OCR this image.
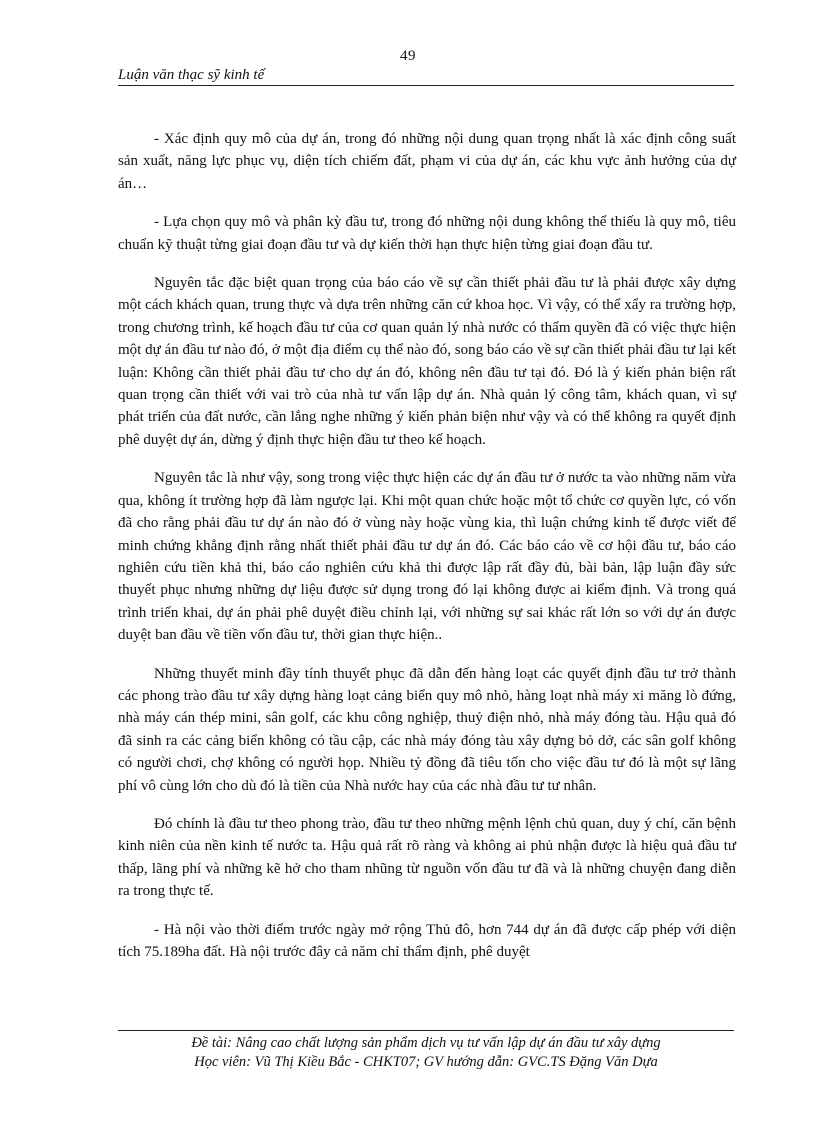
49
Luận văn thạc sỹ kinh tế

- Xác định quy mô của dự án, trong đó những nội dung quan trọng nhất là xác định công suất sản xuất, năng lực phục vụ, diện tích chiếm đất, phạm vi của dự án, các khu vực ảnh hưởng của dự án…

- Lựa chọn quy mô và phân kỳ đầu tư, trong đó những nội dung không thể thiếu là quy mô, tiêu chuẩn kỹ thuật từng giai đoạn đầu tư và dự kiến thời hạn thực hiện từng giai đoạn đầu tư.

Nguyên tắc đặc biệt quan trọng của báo cáo về sự cần thiết phải đầu tư là phải được xây dựng một cách khách quan, trung thực và dựa trên những căn cứ khoa học. Vì vậy, có thể xẩy ra trường hợp, trong chương trình, kế hoạch đầu tư của cơ quan quản lý nhà nước có thẩm quyền đã có việc thực hiện một dự án đầu tư nào đó, ở một địa điểm cụ thể nào đó, song báo cáo về sự cần thiết phải đầu tư lại kết luận: Không cần thiết phải đầu tư cho dự án đó, không nên đầu tư tại đó. Đó là ý kiến phản biện rất quan trọng cần thiết với vai trò của nhà tư vấn lập dự án. Nhà quản lý công tâm, khách quan, vì sự phát triển của đất nước, cần lắng nghe những ý kiến phản biện như vậy và có thể không ra quyết định phê duyệt dự án, dừng ý định thực hiện đầu tư theo kế hoạch.

Nguyên tắc là như vậy, song trong việc thực hiện các dự án đầu tư ở nước ta vào những năm vừa qua, không ít trường hợp đã làm ngược lại. Khi một quan chức hoặc một tổ chức cơ quyền lực, có vốn đã cho rằng phải đầu tư dự án nào đó ở vùng này hoặc vùng kia, thì luận chứng kinh tế được viết để minh chứng khẳng định rằng nhất thiết phải đầu tư dự án đó. Các báo cáo về cơ hội đầu tư, báo cáo nghiên cứu tiền khả thi, báo cáo nghiên cứu khả thi được lập rất đầy đủ, bài bản, lập luận đầy sức thuyết phục nhưng những dự liệu được sử dụng trong đó lại không được ai kiểm định. Và trong quá trình triển khai, dự án phải phê duyệt điều chỉnh lại, với những sự sai khác rất lớn so với dự án được duyệt ban đầu về tiền vốn đầu tư, thời gian thực hiện..

Những thuyết minh đầy tính thuyết phục đã dẫn đến hàng loạt các quyết định đầu tư trở thành các phong trào đầu tư xây dựng hàng loạt cảng biển quy mô nhỏ, hàng loạt nhà máy xi măng lò đứng, nhà máy cán thép mini, sân golf, các khu công nghiệp, thuỷ điện nhỏ, nhà máy đóng tàu. Hậu quả đó đã sinh ra các cảng biển không có tầu cập, các nhà máy đóng tàu xây dựng bỏ dở, các sân golf không có người chơi, chợ không có người họp. Nhiều tỷ đồng đã tiêu tốn cho việc đầu tư đó là một sự lãng phí vô cùng lớn cho dù đó là tiền của Nhà nước hay của các nhà đầu tư tư nhân.

Đó chính là đầu tư theo phong trào, đầu tư theo những mệnh lệnh chủ quan, duy ý chí, căn bệnh kinh niên của nền kinh tế nước ta. Hậu quả rất rõ ràng và không ai phủ nhận được là hiệu quả đầu tư thấp, lãng phí và những kẽ hở cho tham nhũng từ nguồn vốn đầu tư đã và là những chuyện đang diễn ra trong thực tế.

- Hà nội vào thời điểm trước ngày mở rộng Thủ đô, hơn 744 dự án đã được cấp phép với diện tích 75.189ha đất. Hà nội trước đây cả năm chỉ thẩm định, phê duyệt

Đề tài: Nâng cao chất lượng sản phẩm dịch vụ tư vấn lập dự án đầu tư xây dựng
Học viên: Vũ Thị Kiều Bắc - CHKT07; GV hướng dẫn: GVC.TS Đặng Văn Dựa
